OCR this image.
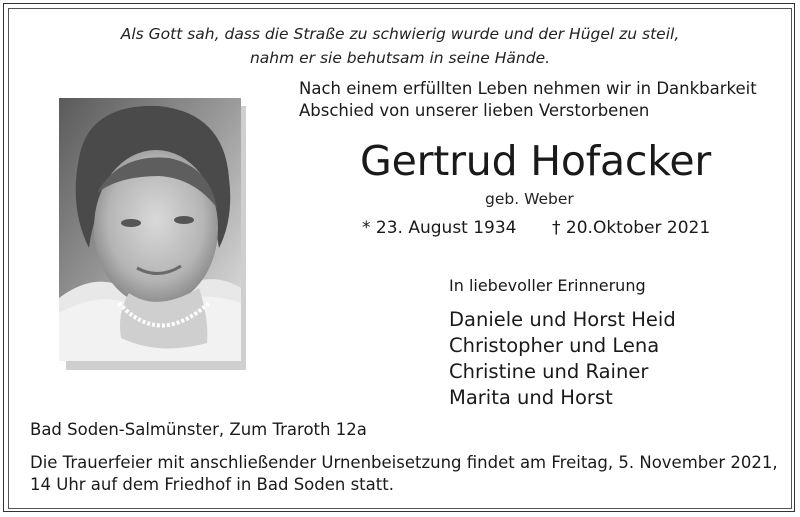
Als Gott sah, dass die Straße zu schwierig wurde und der Hügel zu steil,
nahm er sie behutsam in seine Hände.
Nach einem erfüllten Leben nehmen wir in Dankbarkeit
Abschied von unserer lieben Verstorbenen
Gertrud Hofacker
geb. Weber
* 23. August 1934 † 20.Oktober 2021
In liebevoller Erinnerung
Daniele und Horst Heid
Christopher und Lena
Christine und Rainer
Marita und Horst
Bad Soden-Salmünster, Zum Traroth 12a
Die Trauerfeier mit anschließender Urnenbeisetzung findet am Freitag, 5. November 2021,
14 Uhr auf dem Friedhof in Bad Soden statt.
